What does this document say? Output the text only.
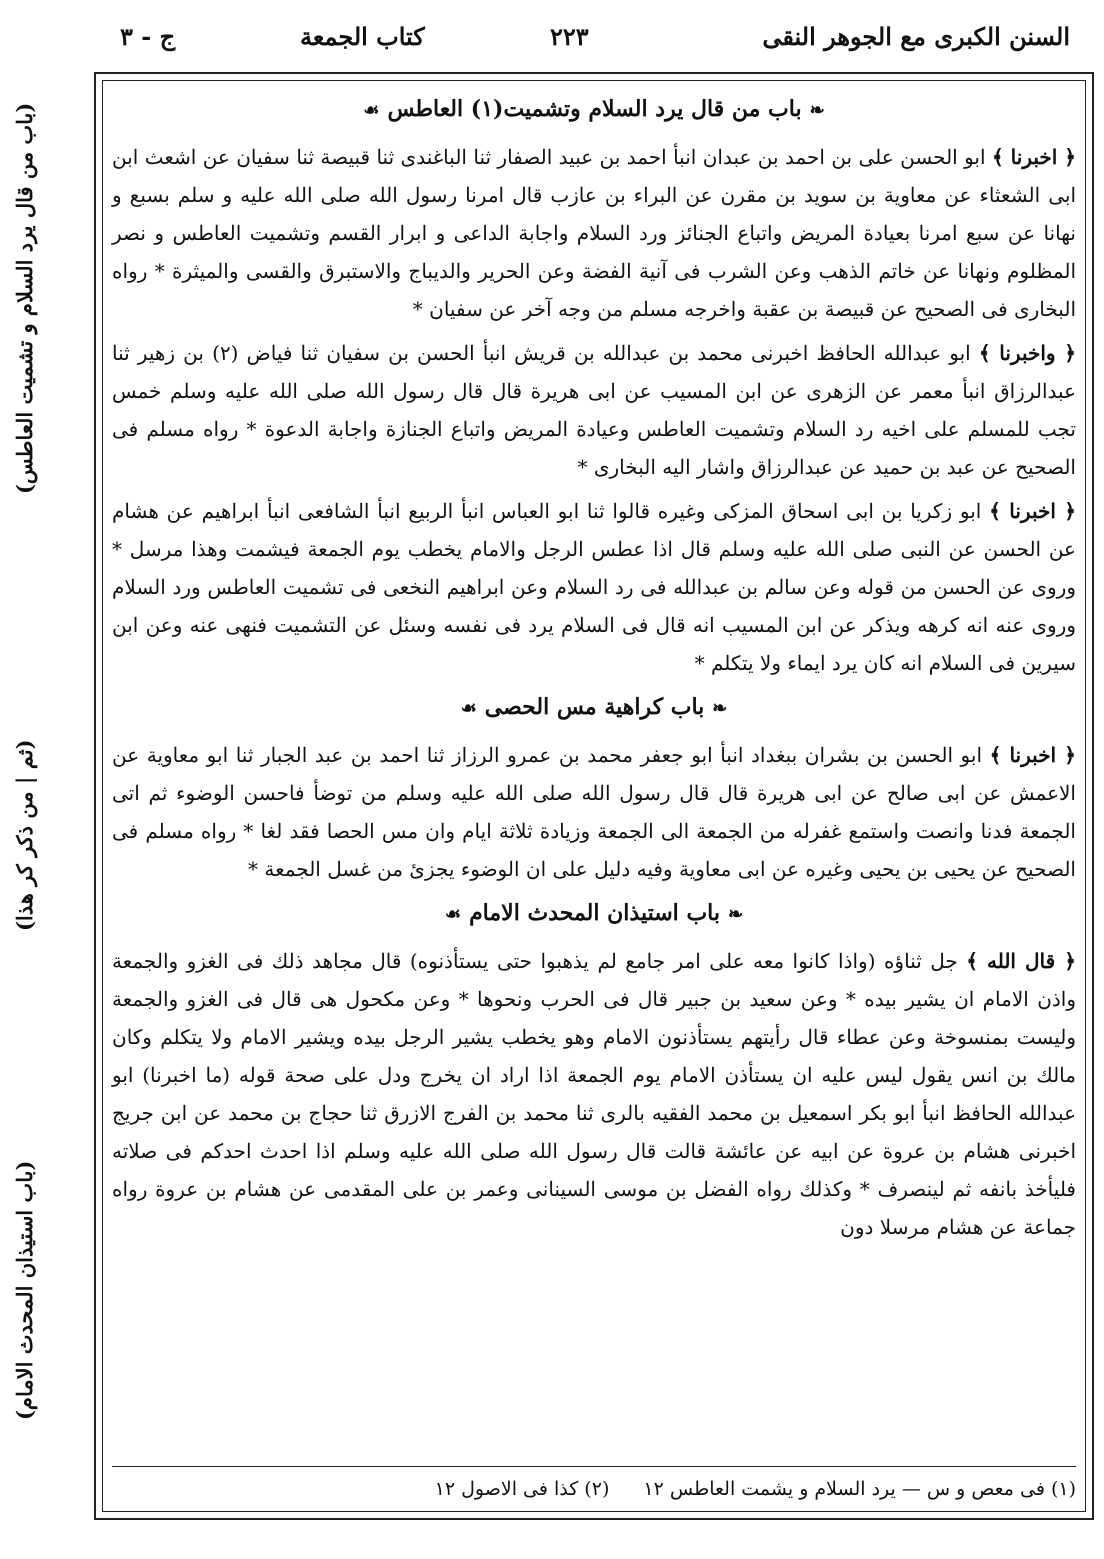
السنن الكبرى مع الجوهر النقى
٢٢٣
كتاب الجمعة
ج - ٣
(باب من قال يرد السلام و تشميت العاطس)
(ثم | من ذكر كر هذا)
(باب استيذان المحدث الامام)
❧باب من قال يرد السلام وتشميت(١) العاطس☙

﴿ اخبرنا ﴾ ابو الحسن على بن احمد بن عبدان انبأ احمد بن عبيد الصفار ثنا الباغندى ثنا قبيصة ثنا سفيان عن اشعث ابن ابى الشعثاء عن معاوية بن سويد بن مقرن عن البراء بن عازب قال امرنا رسول الله صلى الله عليه و سلم بسبع و نهانا عن سبع امرنا بعيادة المريض واتباع الجنائز ورد السلام واجابة الداعى و ابرار القسم وتشميت العاطس و نصر المظلوم ونهانا عن خاتم الذهب وعن الشرب فى آنية الفضة وعن الحرير والديباج والاستبرق والقسى والميثرة * رواه البخارى فى الصحيح عن قبيصة بن عقبة واخرجه مسلم من وجه آخر عن سفيان *

﴿ واخبرنا ﴾ ابو عبدالله الحافظ اخبرنى محمد بن عبدالله بن قريش انبأ الحسن بن سفيان ثنا فياض (٢) بن زهير ثنا عبدالرزاق انبأ معمر عن الزهرى عن ابن المسيب عن ابى هريرة قال قال رسول الله صلى الله عليه وسلم خمس تجب للمسلم على اخيه رد السلام وتشميت العاطس وعيادة المريض واتباع الجنازة واجابة الدعوة * رواه مسلم فى الصحيح عن عبد بن حميد عن عبدالرزاق واشار اليه البخارى *

﴿ اخبرنا ﴾ ابو زكريا بن ابى اسحاق المزكى وغيره قالوا ثنا ابو العباس انبأ الربيع انبأ الشافعى انبأ ابراهيم عن هشام عن الحسن عن النبى صلى الله عليه وسلم قال اذا عطس الرجل والامام يخطب يوم الجمعة فيشمت وهذا مرسل * وروى عن الحسن من قوله وعن سالم بن عبدالله فى رد السلام وعن ابراهيم النخعى فى تشميت العاطس ورد السلام وروى عنه انه كرهه ويذكر عن ابن المسيب انه قال فى السلام يرد فى نفسه وسئل عن التشميت فنهى عنه وعن ابن سيرين فى السلام انه كان يرد ايماء ولا يتكلم *

❧باب كراهية مس الحصى☙

﴿ اخبرنا ﴾ ابو الحسن بن بشران ببغداد انبأ ابو جعفر محمد بن عمرو الرزاز ثنا احمد بن عبد الجبار ثنا ابو معاوية عن الاعمش عن ابى صالح عن ابى هريرة قال قال رسول الله صلى الله عليه وسلم من توضأ فاحسن الوضوء ثم اتى الجمعة فدنا وانصت واستمع غفرله من الجمعة الى الجمعة وزيادة ثلاثة ايام وان مس الحصا فقد لغا * رواه مسلم فى الصحيح عن يحيى بن يحيى وغيره عن ابى معاوية وفيه دليل على ان الوضوء يجزئ من غسل الجمعة *

❧باب استيذان المحدث الامام☙

﴿ قال الله ﴾ جل ثناؤه (واذا كانوا معه على امر جامع لم يذهبوا حتى يستأذنوه) قال مجاهد ذلك فى الغزو والجمعة واذن الامام ان يشير بيده * وعن سعيد بن جبير قال فى الحرب ونحوها * وعن مكحول هى قال فى الغزو والجمعة وليست بمنسوخة وعن عطاء قال رأيتهم يستأذنون الامام وهو يخطب يشير الرجل بيده ويشير الامام ولا يتكلم وكان مالك بن انس يقول ليس عليه ان يستأذن الامام يوم الجمعة اذا اراد ان يخرج ودل على صحة قوله (ما اخبرنا) ابو عبدالله الحافظ انبأ ابو بكر اسمعيل بن محمد الفقيه بالرى ثنا محمد بن الفرج الازرق ثنا حجاج بن محمد عن ابن جريج اخبرنى هشام بن عروة عن ابيه عن عائشة قالت قال رسول الله صلى الله عليه وسلم اذا احدث احدكم فى صلاته فليأخذ بانفه ثم لينصرف * وكذلك رواه الفضل بن موسى السينانى وعمر بن على المقدمى عن هشام بن عروة رواه جماعة عن هشام مرسلا دون

(١) فى معص و س — يرد السلام و يشمت العاطس ١٢ (٢) كذا فى الاصول ١٢
